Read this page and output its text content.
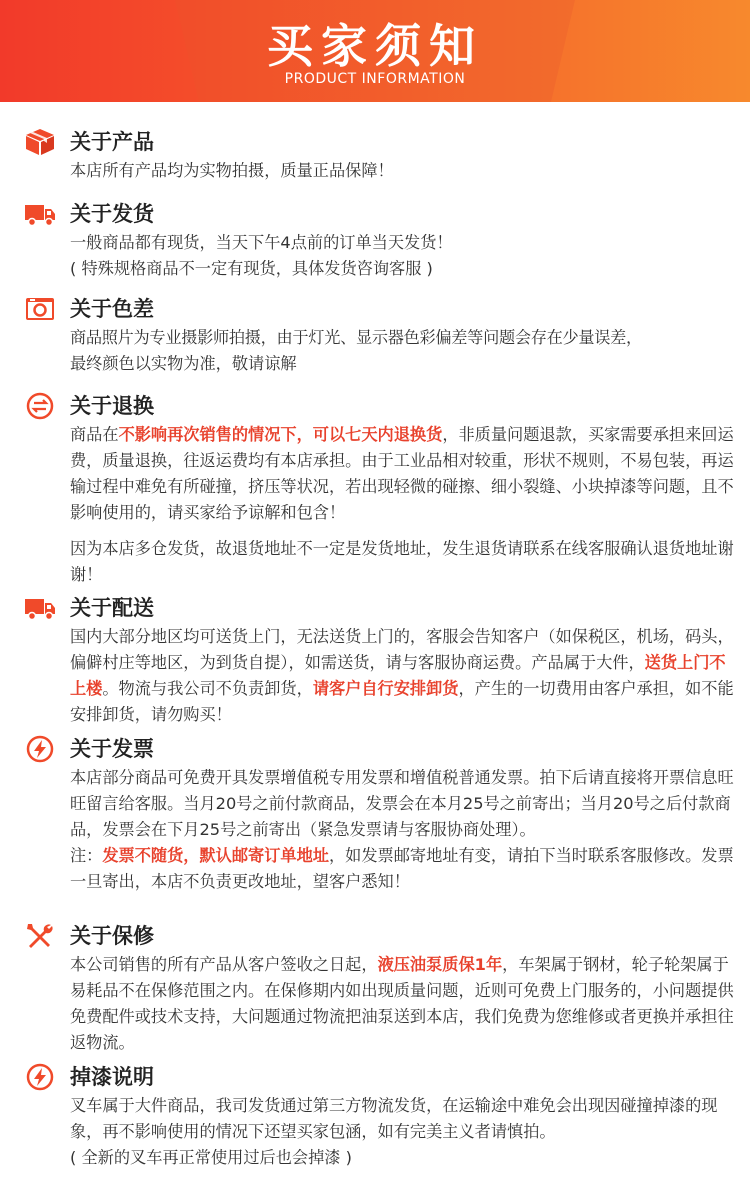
买家须知
PRODUCT INFORMATION
关于产品

本店所有产品均为实物拍摄，质量正品保障！

关于发货

一般商品都有现货，当天下午4点前的订单当天发货！

( 特殊规格商品不一定有现货，具体发货咨询客服 )

关于色差

商品照片为专业摄影师拍摄，由于灯光、显示器色彩偏差等问题会存在少量误差，

最终颜色以实物为准，敬请谅解

关于退换

商品在不影响再次销售的情况下，可以七天内退换货，非质量问题退款，买家需要承担来回运费，质量退换，往返运费均有本店承担。由于工业品相对较重，形状不规则，不易包装，再运输过程中难免有所碰撞，挤压等状况，若出现轻微的碰擦、细小裂缝、小块掉漆等问题，且不影响使用的，请买家给予谅解和包含！

因为本店多仓发货，故退货地址不一定是发货地址，发生退货请联系在线客服确认退货地址谢谢！

关于配送

国内大部分地区均可送货上门，无法送货上门的，客服会告知客户（如保税区，机场，码头，偏僻村庄等地区，为到货自提），如需送货，请与客服协商运费。产品属于大件，送货上门不上楼。物流与我公司不负责卸货，请客户自行安排卸货，产生的一切费用由客户承担，如不能安排卸货，请勿购买！

关于发票

本店部分商品可免费开具发票增值税专用发票和增值税普通发票。拍下后请直接将开票信息旺旺留言给客服。当月20号之前付款商品，发票会在本月25号之前寄出；当月20号之后付款商品，发票会在下月25号之前寄出（紧急发票请与客服协商处理）。

注：发票不随货，默认邮寄订单地址，如发票邮寄地址有变，请拍下当时联系客服修改。发票一旦寄出，本店不负责更改地址，望客户悉知！

关于保修

本公司销售的所有产品从客户签收之日起，液压油泵质保1年，车架属于钢材，轮子轮架属于易耗品不在保修范围之内。在保修期内如出现质量问题，近则可免费上门服务的，小问题提供免费配件或技术支持，大问题通过物流把油泵送到本店，我们免费为您维修或者更换并承担往返物流。

掉漆说明

叉车属于大件商品，我司发货通过第三方物流发货，在运输途中难免会出现因碰撞掉漆的现象，再不影响使用的情况下还望买家包涵，如有完美主义者请慎拍。

( 全新的叉车再正常使用过后也会掉漆 )
